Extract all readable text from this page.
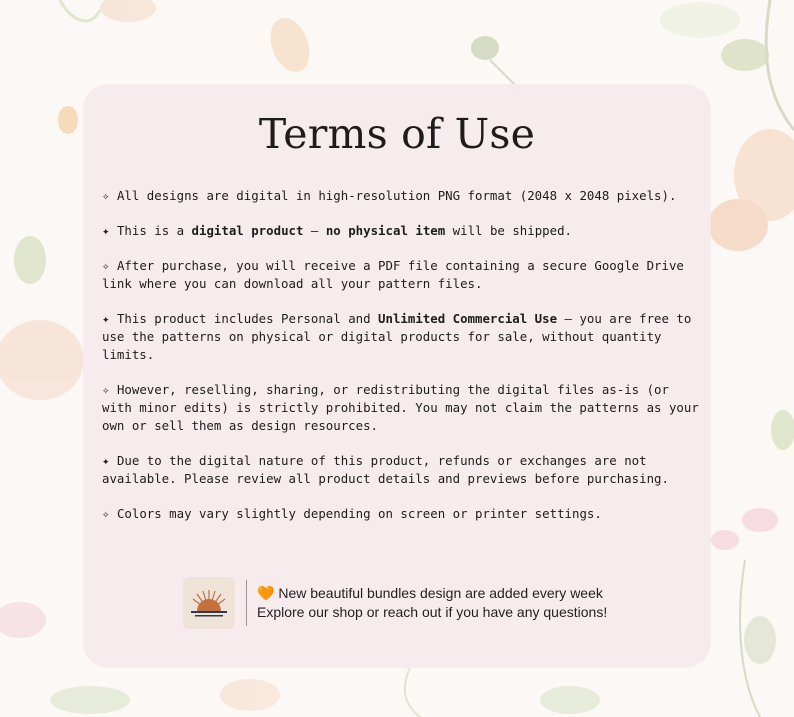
Terms of Use
✧ All designs are digital in high-resolution PNG format (2048 x 2048 pixels).
✦ This is a digital product — no physical item will be shipped.
✧ After purchase, you will receive a PDF file containing a secure Google Drive link where you can download all your pattern files.
✦ This product includes Personal and Unlimited Commercial Use — you are free to use the patterns on physical or digital products for sale, without quantity limits.
✧ However, reselling, sharing, or redistributing the digital files as-is (or with minor edits) is strictly prohibited. You may not claim the patterns as your own or sell them as design resources.
✦ Due to the digital nature of this product, refunds or exchanges are not available. Please review all product details and previews before purchasing.
✧ Colors may vary slightly depending on screen or printer settings.
🧡 New beautiful bundles design are added every week
Explore our shop or reach out if you have any questions!
